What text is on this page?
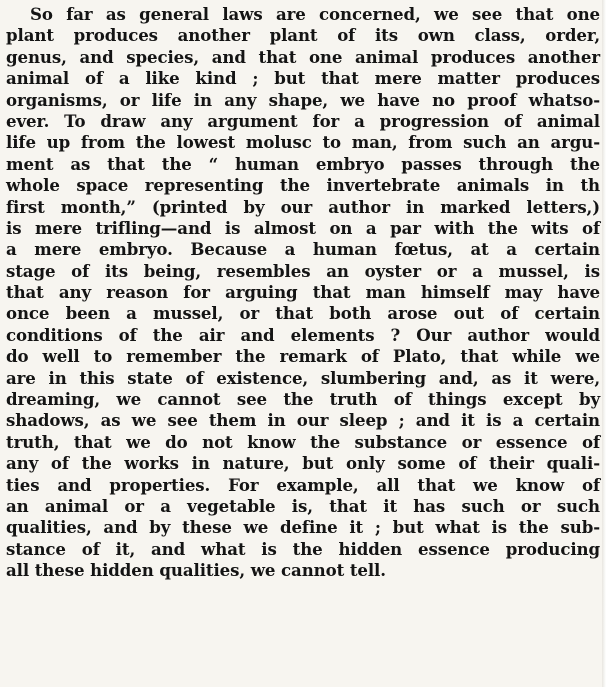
So far as general laws are concerned, we see that one
plant produces another plant of its own class, order,
genus, and species, and that one animal produces another
animal of a like kind ; but that mere matter produces
organisms, or life in any shape, we have no proof whatso-
ever. To draw any argument for a progression of animal
life up from the lowest molusc to man, from such an argu-
ment as that the “ human embryo passes through the
whole space representing the invertebrate animals in th
first month,” (printed by our author in marked letters,)
is mere trifling—and is almost on a par with the wits of
a mere embryo. Because a human fœtus, at a certain
stage of its being, resembles an oyster or a mussel, is
that any reason for arguing that man himself may have
once been a mussel, or that both arose out of certain
conditions of the air and elements ? Our author would
do well to remember the remark of Plato, that while we
are in this state of existence, slumbering and, as it were,
dreaming, we cannot see the truth of things except by
shadows, as we see them in our sleep ; and it is a certain
truth, that we do not know the substance or essence of
any of the works in nature, but only some of their quali-
ties and properties. For example, all that we know of
an animal or a vegetable is, that it has such or such
qualities, and by these we define it ; but what is the sub-
stance of it, and what is the hidden essence producing
all these hidden qualities, we cannot tell.
